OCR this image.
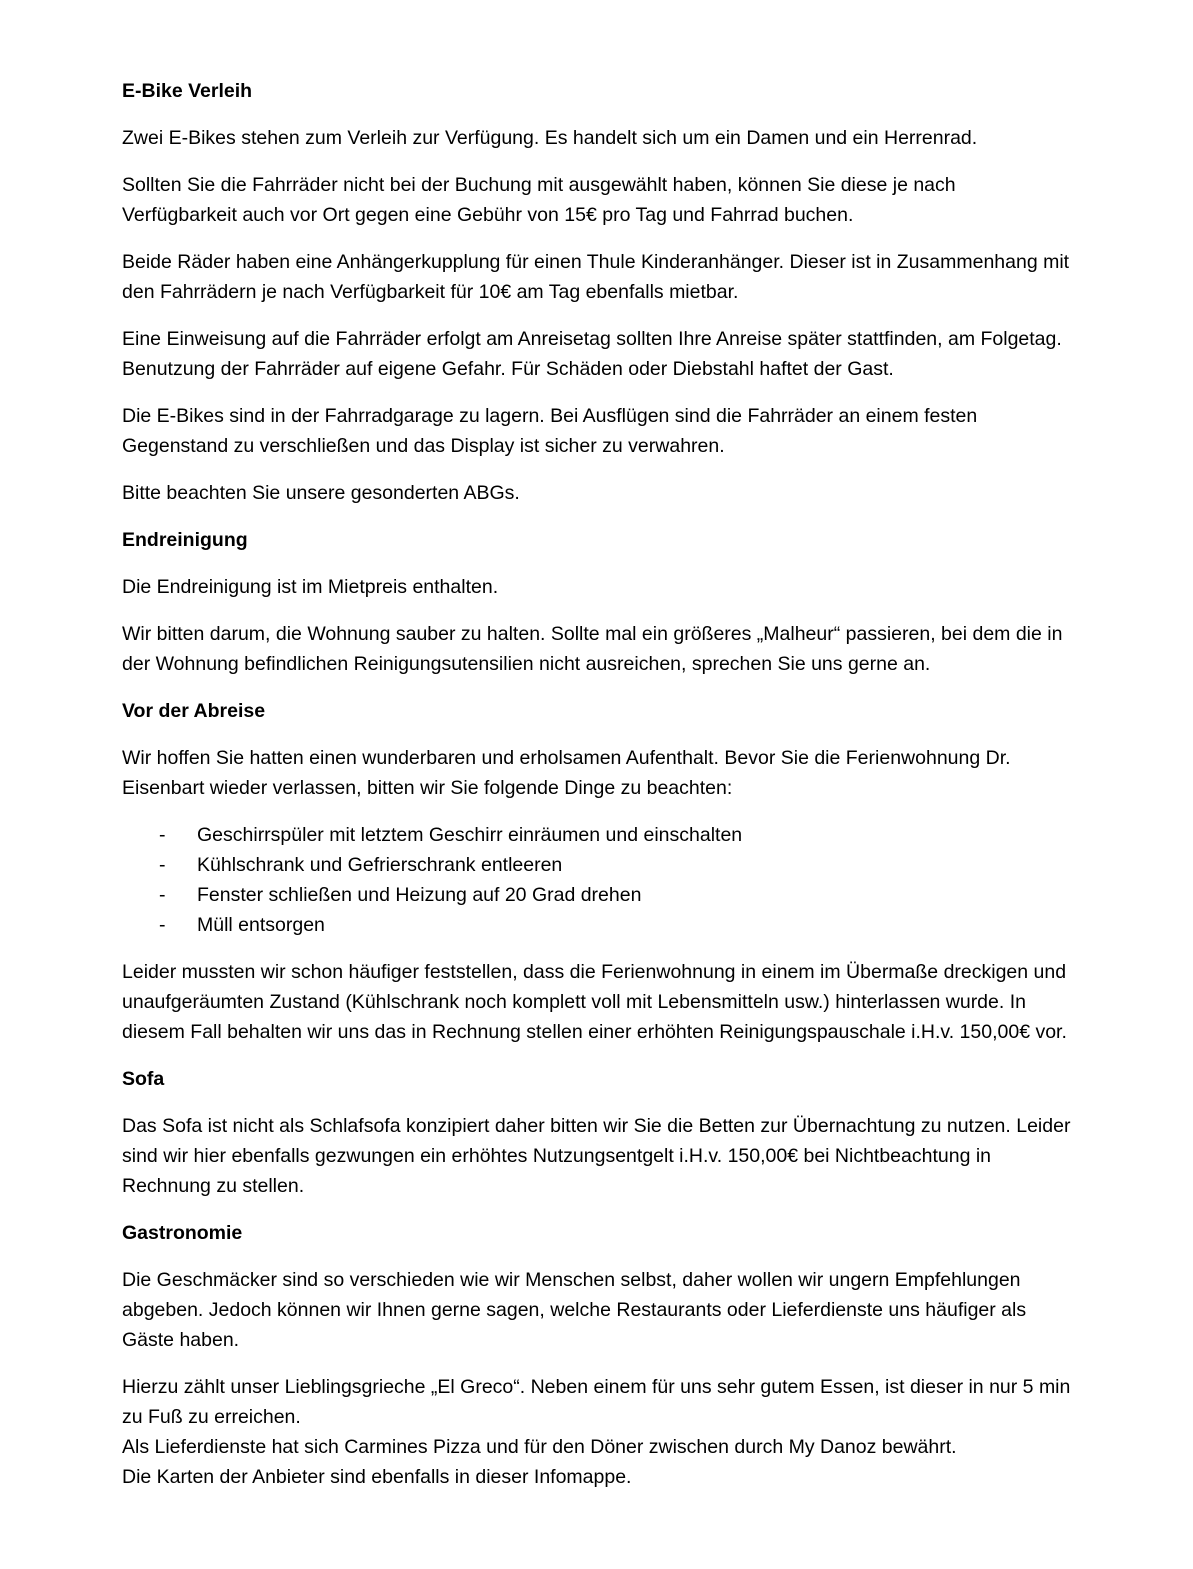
E-Bike Verleih
Zwei E-Bikes stehen zum Verleih zur Verfügung. Es handelt sich um ein Damen und ein Herrenrad.
Sollten Sie die Fahrräder nicht bei der Buchung mit ausgewählt haben, können Sie diese je nach Verfügbarkeit auch vor Ort gegen eine Gebühr von 15€ pro Tag und Fahrrad buchen.
Beide Räder haben eine Anhängerkupplung für einen Thule Kinderanhänger. Dieser ist in Zusammenhang mit den Fahrrädern je nach Verfügbarkeit für 10€ am Tag ebenfalls mietbar.
Eine Einweisung auf die Fahrräder erfolgt am Anreisetag sollten Ihre Anreise später stattfinden, am Folgetag. Benutzung der Fahrräder auf eigene Gefahr. Für Schäden oder Diebstahl haftet der Gast.
Die E-Bikes sind in der Fahrradgarage zu lagern. Bei Ausflügen sind die Fahrräder an einem festen Gegenstand zu verschließen und das Display ist sicher zu verwahren.
Bitte beachten Sie unsere gesonderten ABGs.
Endreinigung
Die Endreinigung ist im Mietpreis enthalten.
Wir bitten darum, die Wohnung sauber zu halten. Sollte mal ein größeres „Malheur“ passieren, bei dem die in der Wohnung befindlichen Reinigungsutensilien nicht ausreichen, sprechen Sie uns gerne an.
Vor der Abreise
Wir hoffen Sie hatten einen wunderbaren und erholsamen Aufenthalt. Bevor Sie die Ferienwohnung Dr. Eisenbart wieder verlassen, bitten wir Sie folgende Dinge zu beachten:
- Geschirrspüler mit letztem Geschirr einräumen und einschalten
- Kühlschrank und Gefrierschrank entleeren
- Fenster schließen und Heizung auf 20 Grad drehen
- Müll entsorgen
Leider mussten wir schon häufiger feststellen, dass die Ferienwohnung in einem im Übermaße dreckigen und unaufgeräumten Zustand (Kühlschrank noch komplett voll mit Lebensmitteln usw.) hinterlassen wurde. In diesem Fall behalten wir uns das in Rechnung stellen einer erhöhten Reinigungspauschale i.H.v. 150,00€ vor.
Sofa
Das Sofa ist nicht als Schlafsofa konzipiert daher bitten wir Sie die Betten zur Übernachtung zu nutzen. Leider sind wir hier ebenfalls gezwungen ein erhöhtes Nutzungsentgelt i.H.v. 150,00€ bei Nichtbeachtung in Rechnung zu stellen.
Gastronomie
Die Geschmäcker sind so verschieden wie wir Menschen selbst, daher wollen wir ungern Empfehlungen abgeben. Jedoch können wir Ihnen gerne sagen, welche Restaurants oder Lieferdienste uns häufiger als Gäste haben.
Hierzu zählt unser Lieblingsgrieche „El Greco“. Neben einem für uns sehr gutem Essen, ist dieser in nur 5 min zu Fuß zu erreichen.
Als Lieferdienste hat sich Carmines Pizza und für den Döner zwischen durch My Danoz bewährt.
Die Karten der Anbieter sind ebenfalls in dieser Infomappe.
